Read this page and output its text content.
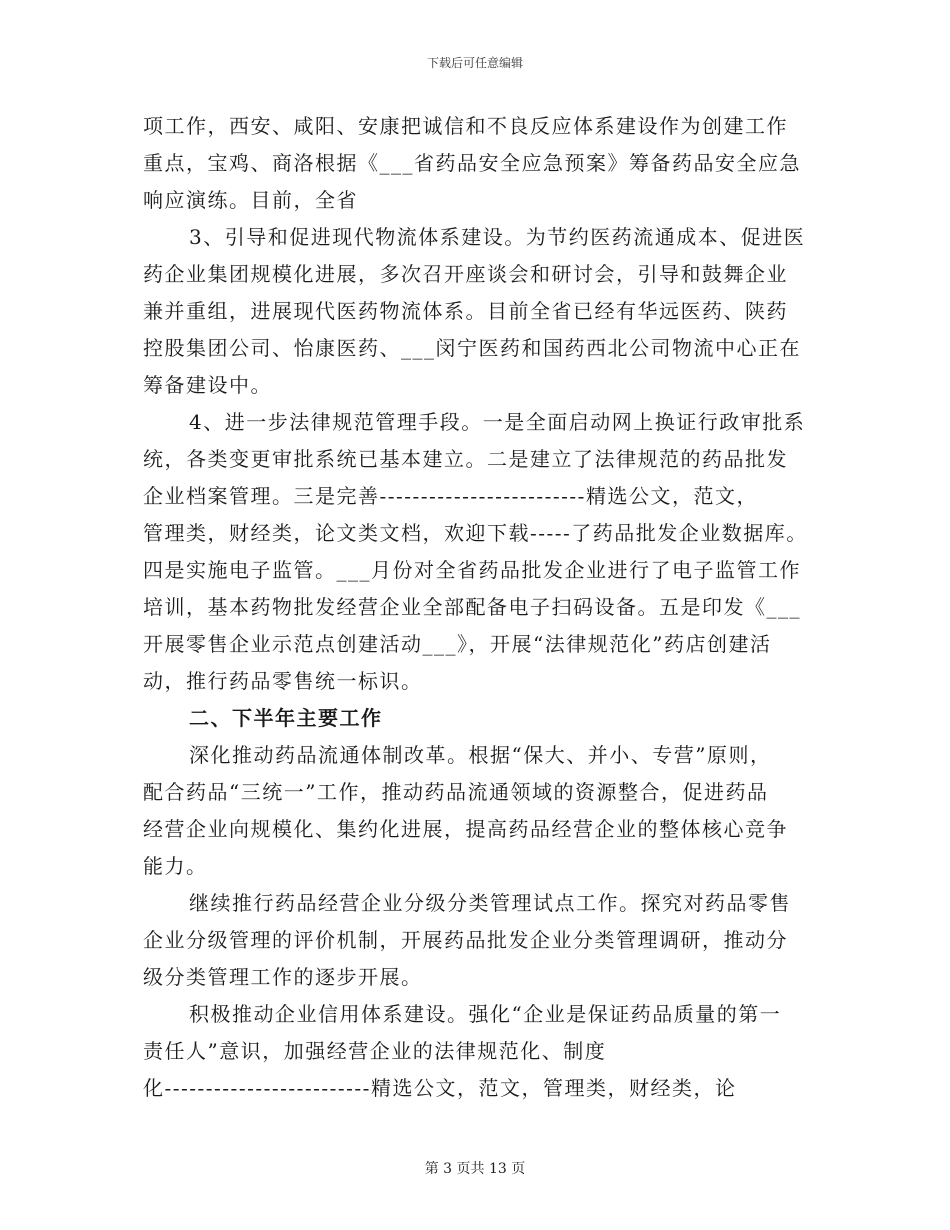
下载后可任意编辑
项工作，西安、咸阳、安康把诚信和不良反应体系建设作为创建工作
重点，宝鸡、商洛根据《___省药品安全应急预案》筹备药品安全应急
响应演练。目前，全省
3、引导和促进现代物流体系建设。为节约医药流通成本、促进医
药企业集团规模化进展，多次召开座谈会和研讨会，引导和鼓舞企业
兼并重组，进展现代医药物流体系。目前全省已经有华远医药、陕药
控股集团公司、怡康医药、___闵宁医药和国药西北公司物流中心正在
筹备建设中。
4、进一步法律规范管理手段。一是全面启动网上换证行政审批系
统，各类变更审批系统已基本建立。二是建立了法律规范的药品批发
企业档案管理。三是完善-------------------------精选公文，范文，
管理类，财经类，论文类文档，欢迎下载-----了药品批发企业数据库。
四是实施电子监管。___月份对全省药品批发企业进行了电子监管工作
培训，基本药物批发经营企业全部配备电子扫码设备。五是印发《___
开展零售企业示范点创建活动___》，开展“法律规范化”药店创建活
动，推行药品零售统一标识。
二、下半年主要工作
深化推动药品流通体制改革。根据“保大、并小、专营”原则，
配合药品“三统一”工作，推动药品流通领域的资源整合，促进药品
经营企业向规模化、集约化进展，提高药品经营企业的整体核心竞争
能力。
继续推行药品经营企业分级分类管理试点工作。探究对药品零售
企业分级管理的评价机制，开展药品批发企业分类管理调研，推动分
级分类管理工作的逐步开展。
积极推动企业信用体系建设。强化“企业是保证药品质量的第一
责任人”意识，加强经营企业的法律规范化、制度
化-------------------------精选公文，范文，管理类，财经类，论
第 3 页共 13 页
